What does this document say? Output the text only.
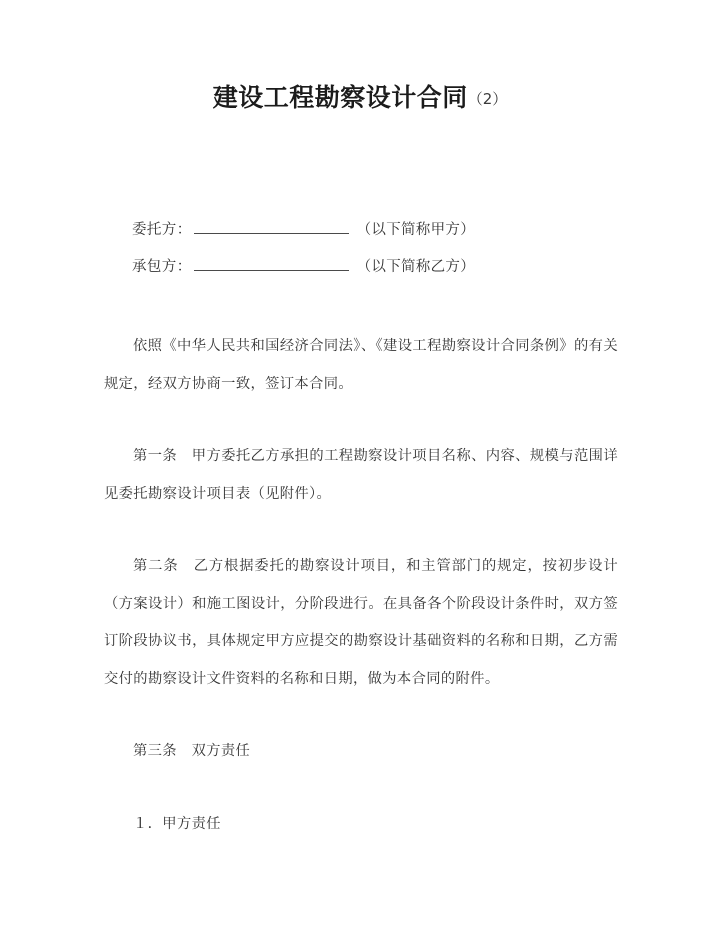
建设工程勘察设计合同（2）
委托方：	（以下简称甲方）
承包方：	（以下简称乙方）

依照《中华人民共和国经济合同法》、《建设工程勘察设计合同条例》的有关规定，经双方协商一致，签订本合同。

第一条　甲方委托乙方承担的工程勘察设计项目名称、内容、规模与范围详见委托勘察设计项目表（见附件）。

第二条　乙方根据委托的勘察设计项目，和主管部门的规定，按初步设计（方案设计）和施工图设计，分阶段进行。在具备各个阶段设计条件时，双方签订阶段协议书，具体规定甲方应提交的勘察设计基础资料的名称和日期，乙方需交付的勘察设计文件资料的名称和日期，做为本合同的附件。

第三条　双方责任

１．甲方责任
